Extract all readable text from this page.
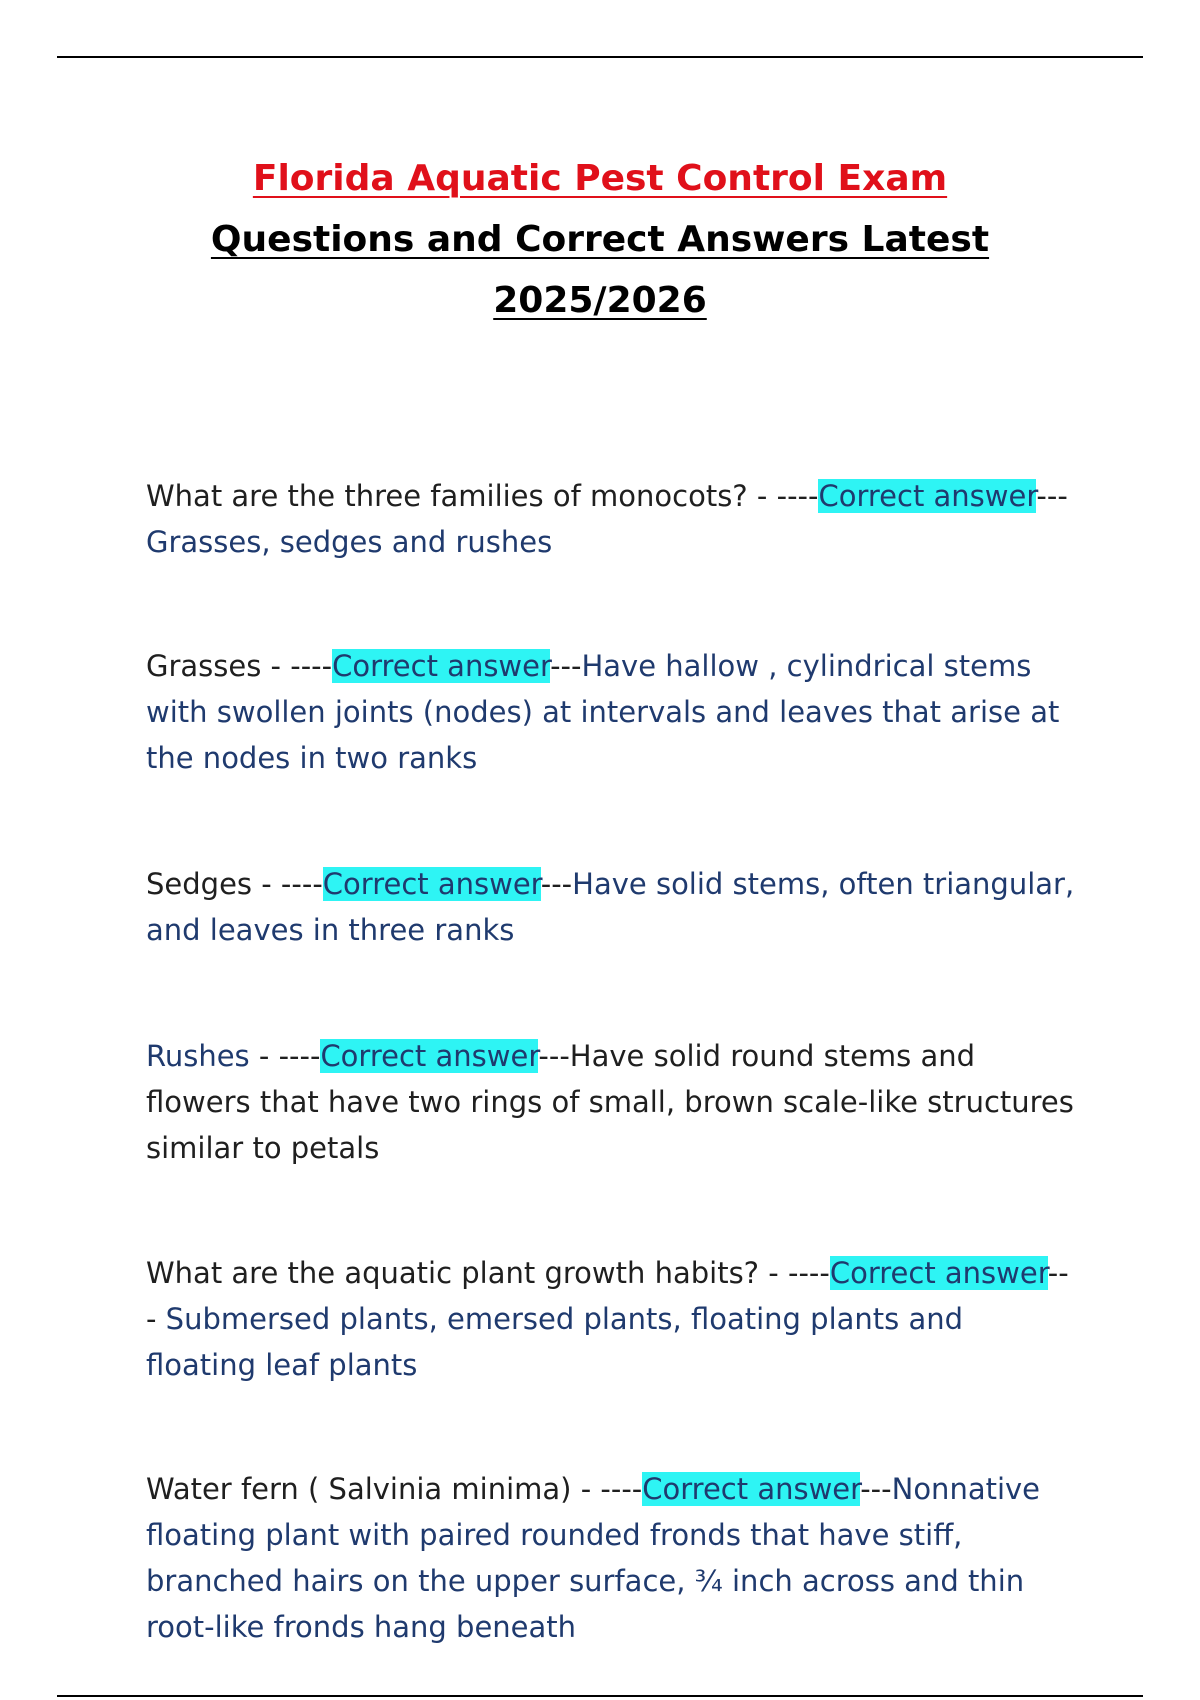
Florida Aquatic Pest Control Exam
Questions and Correct Answers Latest
2025/2026
What are the three families of monocots? - ----Correct answer--- Grasses, sedges and rushes
Grasses - ----Correct answer---Have hallow , cylindrical stems with swollen joints (nodes) at intervals and leaves that arise at the nodes in two ranks
Sedges - ----Correct answer---Have solid stems, often triangular, and leaves in three ranks
Rushes - ----Correct answer---Have solid round stems and flowers that have two rings of small, brown scale-like structures similar to petals
What are the aquatic plant growth habits? - ----Correct answer--- Submersed plants, emersed plants, floating plants and floating leaf plants
Water fern ( Salvinia minima) - ----Correct answer---Nonnative floating plant with paired rounded fronds that have stiff, branched hairs on the upper surface, ¾ inch across and thin root-like fronds hang beneath
